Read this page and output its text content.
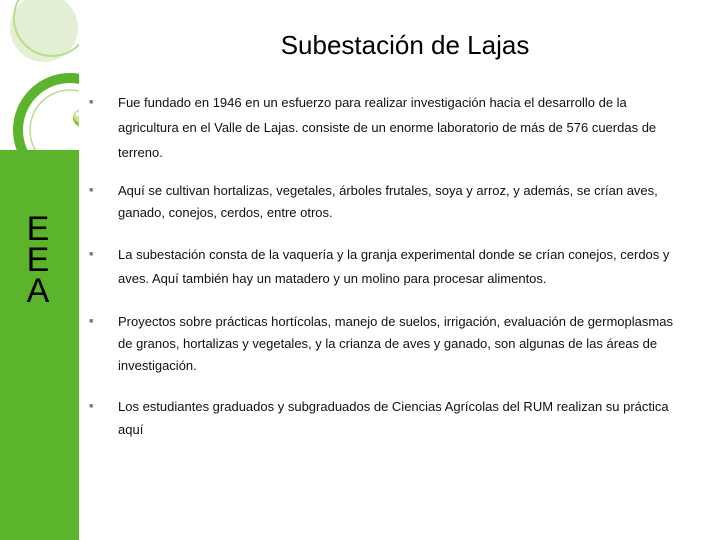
E
E
A
Subestación de Lajas
■ Fue fundado en 1946 en un esfuerzo para realizar investigación hacia el desarrollo de la agricultura en el Valle de Lajas. consiste de un enorme laboratorio de más de 576 cuerdas de terreno.
■ Aquí se cultivan hortalizas, vegetales, árboles frutales, soya y arroz, y además, se crían aves, ganado, conejos, cerdos, entre otros.
■ La subestación consta de la vaquería y la granja experimental donde se crían conejos, cerdos y aves. Aquí también hay un matadero y un molino para procesar alimentos.
■ Proyectos sobre prácticas hortícolas, manejo de suelos, irrigación, evaluación de germoplasmas de granos, hortalizas y vegetales, y la crianza de aves y ganado, son algunas de las áreas de investigación.
■ Los estudiantes graduados y subgraduados de Ciencias Agrícolas del RUM realizan su práctica aquí
